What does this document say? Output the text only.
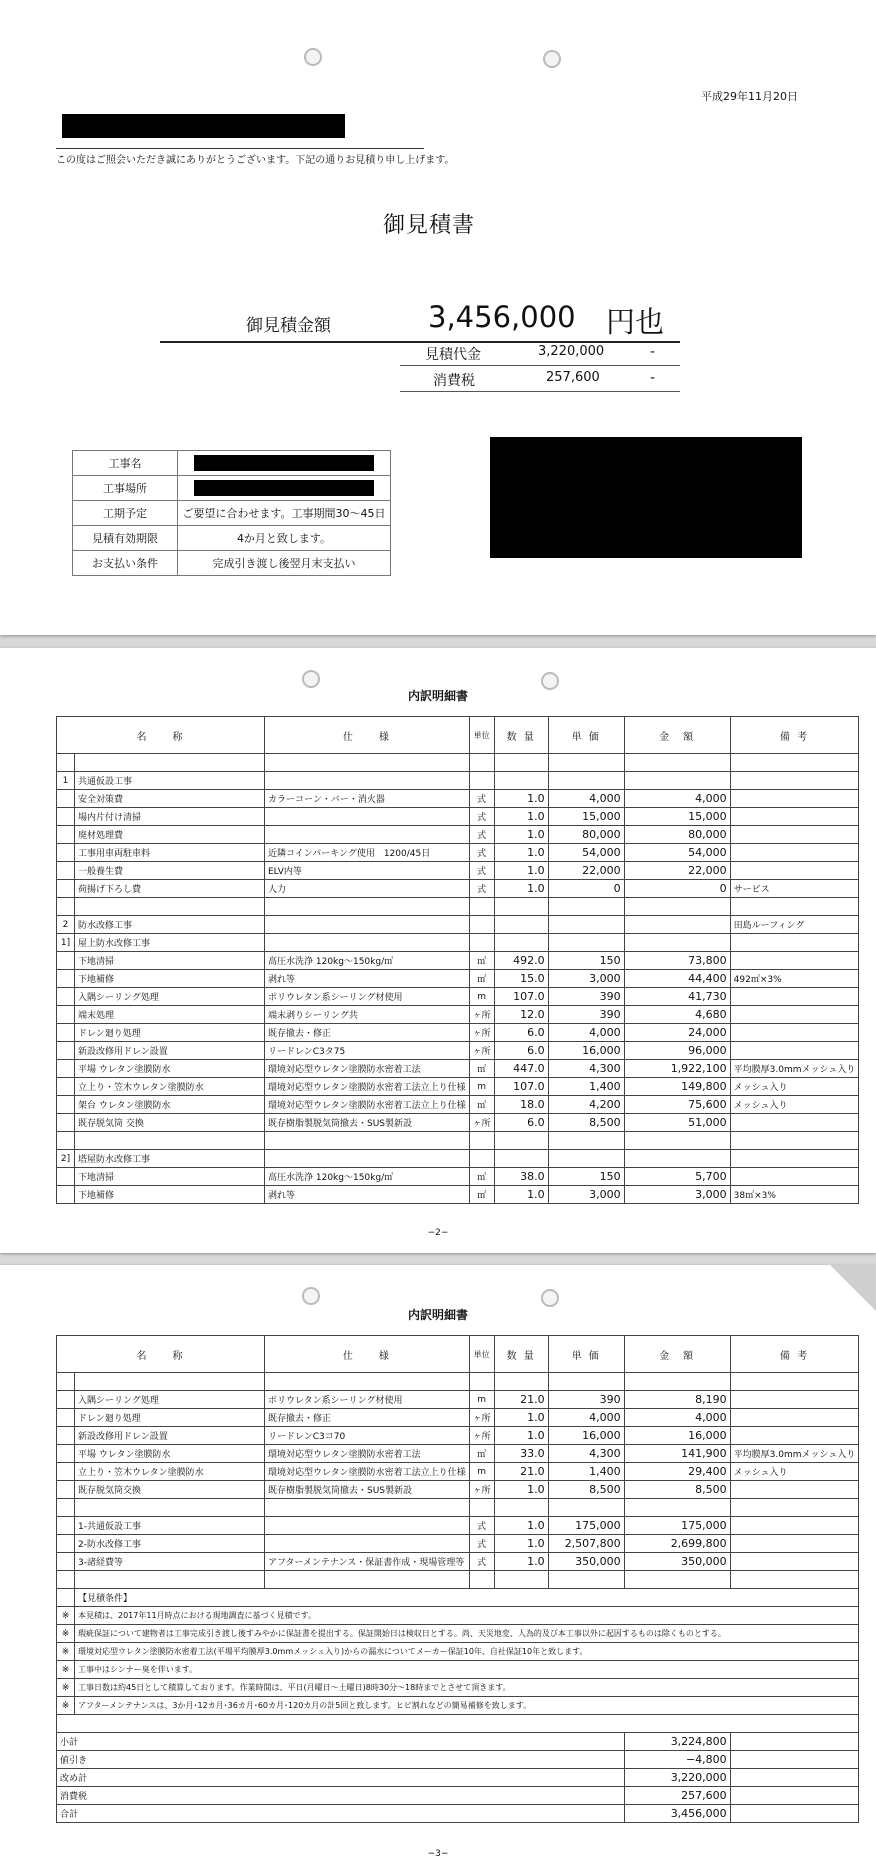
平成29年11月20日
この度はご照会いただき誠にありがとうございます。下記の通りお見積り申し上げます。
御見積書
御見積金額	3,456,000 円也
見積代金	3,220,000	-
消費税	257,600	-
工事名	

工事場所	

工期予定	ご要望に合わせます。工事期間30～45日
見積有効期限	4か月と致します。
お支払い条件	完成引き渡し後翌月末支払い
内訳明細書
名　　称		仕　　様	単位	数 量	単 価	金　額	備 考

1	共通仮設工事						
	安全対策費	カラーコーン・バー・消火器	式	1.0	4,000	4,000	
	場内片付け清掃		式	1.0	15,000	15,000	
	廃材処理費		式	1.0	80,000	80,000	
	工事用車両駐車料	近隣コインパーキング使用　1200/45日	式	1.0	54,000	54,000	
	一般養生費	ELV内等	式	1.0	22,000	22,000	
	荷揚げ下ろし費	人力	式	1.0	0	0	サービス

2	防水改修工事						田島ルーフィング
1]	屋上防水改修工事						
	下地清掃	高圧水洗浄 120kg～150kg/㎡	㎡	492.0	150	73,800	
	下地補修	剥れ等	㎡	15.0	3,000	44,400	492㎡×3%
	入隅シーリング処理	ポリウレタン系シーリング材使用	m	107.0	390	41,730	
	端末処理	端末剥りシーリング共	ヶ所	12.0	390	4,680	
	ドレン廻り処理	既存撤去・修正	ヶ所	6.0	4,000	24,000	
	新設改修用ドレン設置	リードレンC3タ75	ヶ所	6.0	16,000	96,000	
	平場 ウレタン塗膜防水	環境対応型ウレタン塗膜防水密着工法	㎡	447.0	4,300	1,922,100	平均膜厚3.0mmメッシュ入り
	立上り・笠木ウレタン塗膜防水	環境対応型ウレタン塗膜防水密着工法立上り仕様	m	107.0	1,400	149,800	メッシュ入り
	架台 ウレタン塗膜防水	環境対応型ウレタン塗膜防水密着工法立上り仕様	㎡	18.0	4,200	75,600	メッシュ入り
	既存脱気筒 交換	既存樹脂製脱気筒撤去・SUS製新設	ヶ所	6.0	8,500	51,000	

2]	塔屋防水改修工事						
	下地清掃	高圧水洗浄 120kg～150kg/㎡	㎡	38.0	150	5,700	
	下地補修	剥れ等	㎡	1.0	3,000	3,000	38㎡×3%
−2−
内訳明細書
名　　称		仕　　様	単位	数 量	単 価	金　額	備 考

	入隅シーリング処理	ポリウレタン系シーリング材使用	m	21.0	390	8,190	
	ドレン廻り処理	既存撤去・修正	ヶ所	1.0	4,000	4,000	
	新設改修用ドレン設置	リードレンC3コ70	ヶ所	1.0	16,000	16,000	
	平場 ウレタン塗膜防水	環境対応型ウレタン塗膜防水密着工法	㎡	33.0	4,300	141,900	平均膜厚3.0mmメッシュ入り
	立上り・笠木ウレタン塗膜防水	環境対応型ウレタン塗膜防水密着工法立上り仕様	m	21.0	1,400	29,400	メッシュ入り
	既存脱気筒交換	既存樹脂製脱気筒撤去・SUS製新設	ヶ所	1.0	8,500	8,500	

	1-共通仮設工事		式	1.0	175,000	175,000	
	2-防水改修工事		式	1.0	2,507,800	2,699,800	
	3-諸経費等	アフターメンテナンス・保証書作成・現場管理等	式	1.0	350,000	350,000	

	【見積条件】						
※	本見積は、2017年11月時点における現地調査に基づく見積です。						
※	瑕疵保証について建物者は工事完成引き渡し後すみやかに保証書を提出する。保証開始日は検収日とする。尚、天災地変、人為的及び本工事以外に起因するものは除くものとする。						
※	環境対応型ウレタン塗膜防水密着工法(平場平均膜厚3.0mmメッシュ入り)からの漏水についてメーカー保証10年、自社保証10年と致します。						
※	工事中はシンナー臭を伴います。						
※	工事日数は約45日として積算しております。作業時間は、平日(月曜日～土曜日)8時30分～18時までとさせて頂きます。						
※	アフターメンテナンスは、3か月･12カ月･36カ月･60カ月･120カ月の計5回と致します。ヒビ割れなどの簡易補修を致します。						

小計						3,224,800	
値引き						−4,800	
改め計						3,220,000	
消費税						257,600	
合計						3,456,000	
−3−
